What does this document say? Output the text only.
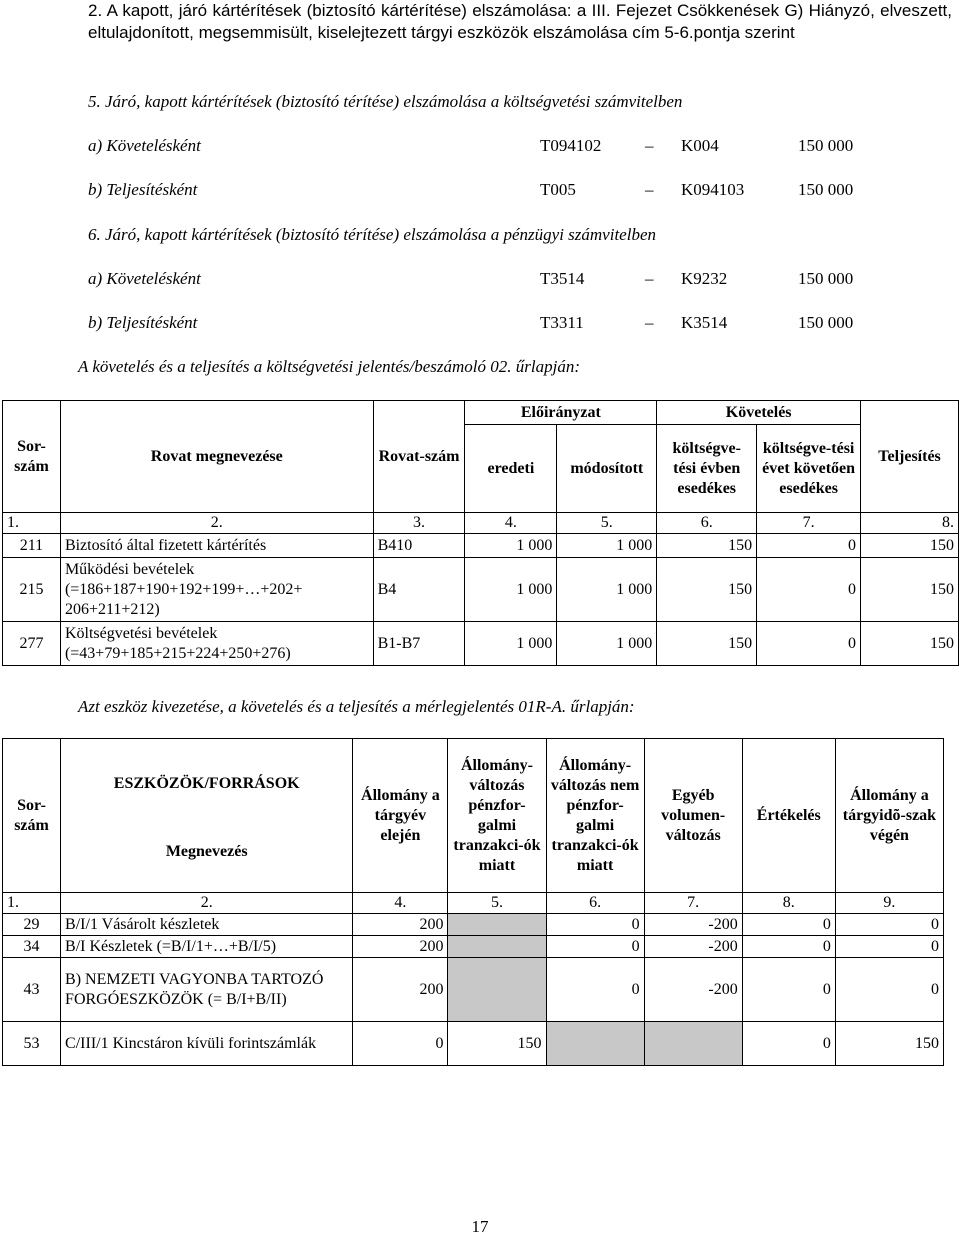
2. A kapott, járó kártérítések (biztosító kártérítése) elszámolása: a III. Fejezet Csökkenések G) Hiányzó, elveszett, eltulajdonított, megsemmisült, kiselejtezett tárgyi eszközök elszámolása cím 5-6.pontja szerint
5. Járó, kapott kártérítések (biztosító térítése) elszámolása a költségvetési számvitelben
a) Követelésként	T094102	– K004	150 000
b) Teljesítésként	T005	– K094103	150 000
6. Járó, kapott kártérítések (biztosító térítése) elszámolása a pénzügyi számvitelben
a) Követelésként	T3514	– K9232	150 000
b) Teljesítésként	T3311	– K3514	150 000
A követelés és a teljesítés a költségvetési jelentés/beszámoló 02. űrlapján:
Sor-szám	Rovat megnevezése	Rovat-szám	Előirányzat		Követelés		Teljesítés
			eredeti	módosított	költségve-tési évben esedékes	költségve-tési évet követően esedékes	
1.	2.	3.	4.	5.	6.	7.	8.
211	Biztosító által fizetett kártérítés	B410	1 000	1 000	150	0	150
215	Működési bevételek (=186+187+190+192+199+…+202+ 206+211+212)	B4	1 000	1 000	150	0	150
277	Költségvetési bevételek (=43+79+185+215+224+250+276)	B1-B7	1 000	1 000	150	0	150
Azt eszköz kivezetése, a követelés és a teljesítés a mérlegjelentés 01R-A. űrlapján:
Sor-szám	ESZKÖZÖK/FORRÁSOK
Megnevezés	Állomány a tárgyév elején	Állomány-változás pénzfor-galmi tranzakci-ók miatt	Állomány-változás nem pénzfor-galmi tranzakci-ók miatt	Egyéb volumen-változás	Értékelés	Állomány a tárgyidõ-szak végén
1.	2.	4.	5.	6.	7.	8.	9.
29	B/I/1 Vásárolt készletek	200		0	-200	0	0
34	B/I Készletek (=B/I/1+…+B/I/5)	200		0	-200	0	0
43	B) NEMZETI VAGYONBA TARTOZÓ FORGÓESZKÖZÖK (= B/I+B/II)	200		0	-200	0	0
53	C/III/1 Kincstáron kívüli forintszámlák	0	150			0	150
17
